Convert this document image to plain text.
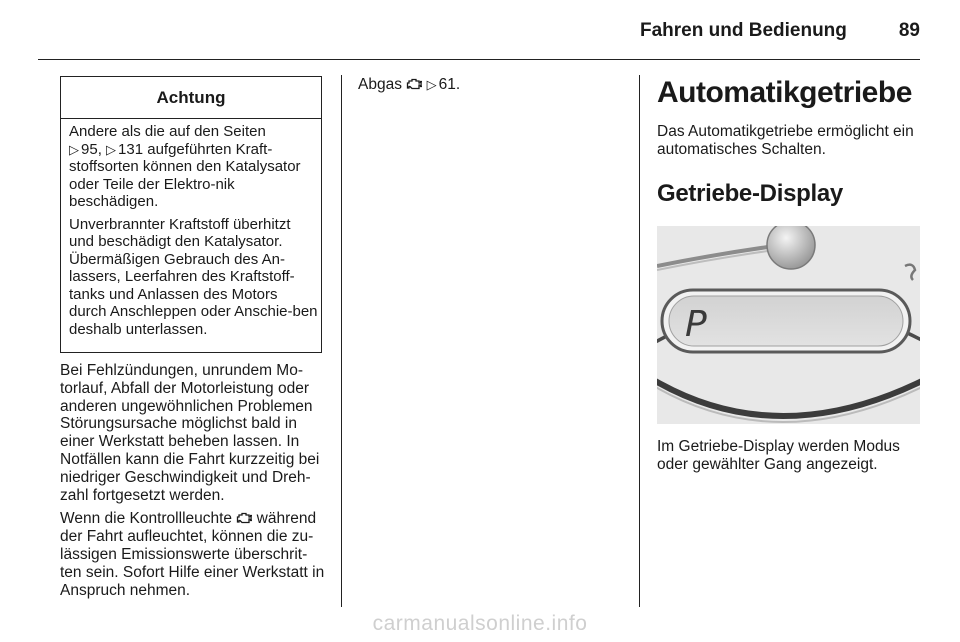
Fahren und Bedienung	89
Achtung

Andere als die auf den Seiten
▷ 95, ▷ 131 aufgeführten Kraft-stoffsorten können den Katalysator oder Teile der Elektro-nik beschädigen.

Unverbrannter Kraftstoff überhitzt und beschädigt den Katalysator. Übermäßigen Gebrauch des An-lassers, Leerfahren des Kraftstoff-tanks und Anlassen des Motors durch Anschleppen oder Anschie-ben deshalb unterlassen.

Bei Fehlzündungen, unrundem Mo-torlauf, Abfall der Motorleistung oder anderen ungewöhnlichen Problemen Störungsursache möglichst bald in einer Werkstatt beheben lassen. In Notfällen kann die Fahrt kurzzeitig bei niedriger Geschwindigkeit und Dreh-zahl fortgesetzt werden.

Wenn die Kontrollleuchte während der Fahrt aufleuchtet, können die zu-lässigen Emissionswerte überschrit-ten sein. Sofort Hilfe einer Werkstatt in Anspruch nehmen.

Abgas ▷ 61.	Automatikgetriebe
Das Automatikgetriebe ermöglicht ein automatisches Schalten.
Getriebe-Display
P
Im Getriebe-Display werden Modus oder gewählter Gang angezeigt.
carmanualsonline.info
